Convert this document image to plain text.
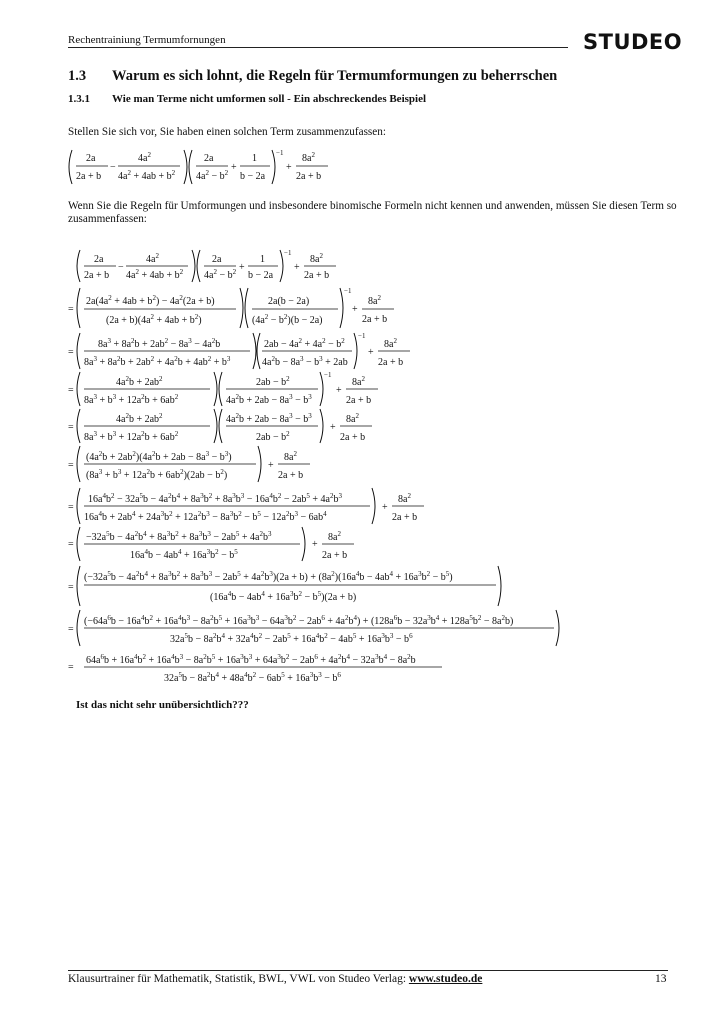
Rechentrainiung Termumfornungen	STUDEO
1.3 Warum es sich lohnt, die Regeln für Termumformungen zu beherrschen
1.3.1 Wie man Terme nicht umformen soll - Ein abschreckendes Beispiel
Stellen Sie sich vor, Sie haben einen solchen Term zusammenzufassen:
2a
2a + b
−
$4a^2$
$4a^2 + 4ab + b^2$
2a
$4a^2 - b^2$ +
1
b − 2a
−1
+
$8a^2$
2a + b
Wenn Sie die Regeln für Umformungen und insbesondere binomische Formeln nicht kennen und anwenden, müssen Sie diesen Term so zusammenfassen:
2a
2a + b
−
$4a^2$
$4a^2 + 4ab + b^2$
2a
$4a^2 - b^2$ +
1
b − 2a
−1
+
$8a^2$
2a + b
=
$2a(4a^2 + 4ab + b^2) - 4a^2(2a + b)$
$(2a + b)(4a^2 + 4ab + b^2)$
2a(b − 2a)
$(4a^2 - b^2)(b - 2a)$
−1
+
$8a^2$
2a + b
=
$8a^3 + 8a^2b + 2ab^2 - 8a^3 - 4a^2b$
$8a^3 + 8a^2b + 2ab^2 + 4a^2b + 4ab^2 + b^3$
$2ab - 4a^2 + 4a^2 - b^2$
$4a^2b - 8a^3 - b^3 + 2ab$
−1
+
$8a^2$
2a + b
=
$4a^2b + 2ab^2$
$8a^3 + b^3 + 12a^2b + 6ab^2$
$2ab - b^2$
$4a^2b + 2ab - 8a^3 - b^3$
−1
+
$8a^2$
2a + b
=
$4a^2b + 2ab^2$
$8a^3 + b^3 + 12a^2b + 6ab^2$
$4a^2b + 2ab - 8a^3 - b^3$
$2ab - b^2$
+
$8a^2$
2a + b
=
$(4a^2b + 2ab^2)(4a^2b + 2ab - 8a^3 - b^3)$
$(8a^3 + b^3 + 12a^2b + 6ab^2)(2ab - b^2)$
+
$8a^2$
2a + b
=
$16a^4b^2 - 32a^5b - 4a^2b^4 + 8a^3b^2 + 8a^3b^3 - 16a^4b^2 - 2ab^5 + 4a^2b^3$
$16a^4b + 2ab^4 + 24a^3b^2 + 12a^2b^3 - 8a^3b^2 - b^5 - 12a^2b^3 - 6ab^4$
+
$8a^2$
2a + b
=
$-32a^5b - 4a^2b^4 + 8a^3b^2 + 8a^3b^3 - 2ab^5 + 4a^2b^3$
$16a^4b - 4ab^4 + 16a^3b^2 - b^5$
+
$8a^2$
2a + b
=
$(-32a^5b - 4a^2b^4 + 8a^3b^2 + 8a^3b^3 - 2ab^5 + 4a^2b^3)(2a + b) + (8a^2)(16a^4b - 4ab^4 + 16a^3b^2 - b^5)$
$(16a^4b - 4ab^4 + 16a^3b^2 - b^5)(2a + b)$
=
$(-64a^6b - 16a^4b^2 + 16a^4b^3 - 8a^2b^5 + 16a^3b^3 - 64a^3b^2 - 2ab^6 + 4a^2b^4) + (128a^6b - 32a^3b^4 + 128a^5b^2 - 8a^2b)$
$32a^5b - 8a^2b^4 + 32a^4b^2 - 2ab^5 + 16a^4b^2 - 4ab^5 + 16a^3b^3 - b^6$
=
$64a^6b + 16a^4b^2 + 16a^4b^3 - 8a^2b^5 + 16a^3b^3 + 64a^3b^2 - 2ab^6 + 4a^2b^4 - 32a^3b^4 - 8a^2b$
$32a^5b - 8a^2b^4 + 48a^4b^2 - 6ab^5 + 16a^3b^3 - b^6$
Ist das nicht sehr unübersichtlich???
Klausurtrainer für Mathematik, Statistik, BWL, VWL von Studeo Verlag: www.studeo.de	13
